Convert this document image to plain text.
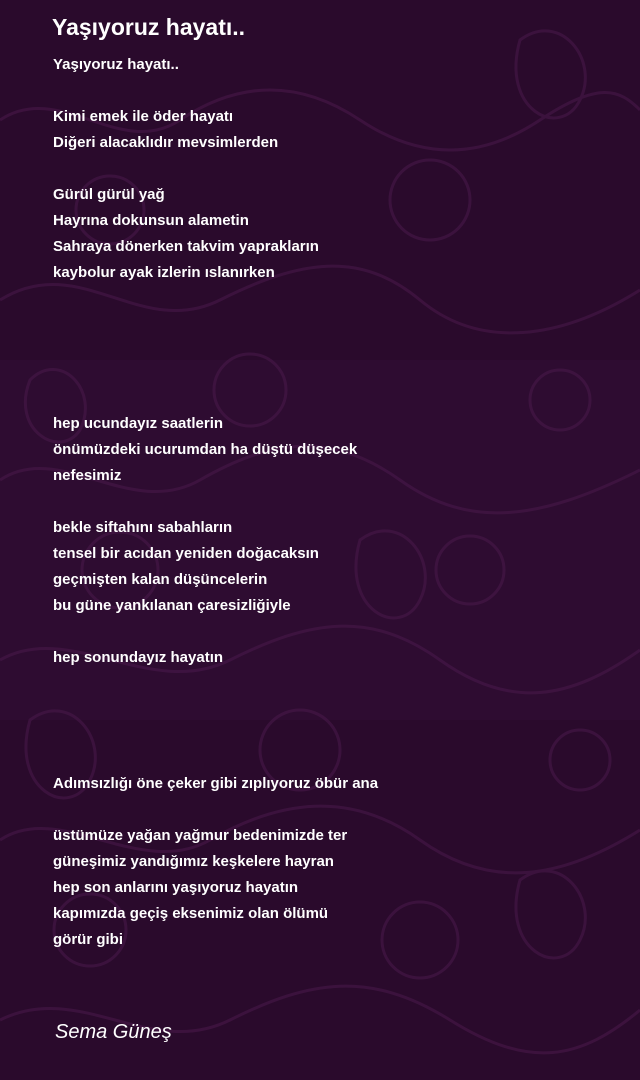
Yaşıyoruz hayatı..
Yaşıyoruz hayatı..

Kimi emek ile öder hayatı
Diğeri alacaklıdır mevsimlerden

Gürül gürül yağ
Hayrına dokunsun alametin
Sahraya dönerken takvim yaprakların
kaybolur ayak izlerin ıslanırken
hep ucundayız saatlerin
önümüzdeki ucurumdan ha düştü düşecek
nefesimiz

bekle siftahını sabahların
tensel bir acıdan yeniden doğacaksın
geçmişten kalan düşüncelerin
bu güne yankılanan çaresizliğiyle

hep sonundayız hayatın
Adımsızlığı öne çeker gibi zıplıyoruz öbür ana

üstümüze yağan yağmur bedenimizde ter
güneşimiz yandığımız keşkelere hayran
hep son anlarını yaşıyoruz hayatın
kapımızda geçiş eksenimiz olan ölümü
görür gibi

Sema Güneş
